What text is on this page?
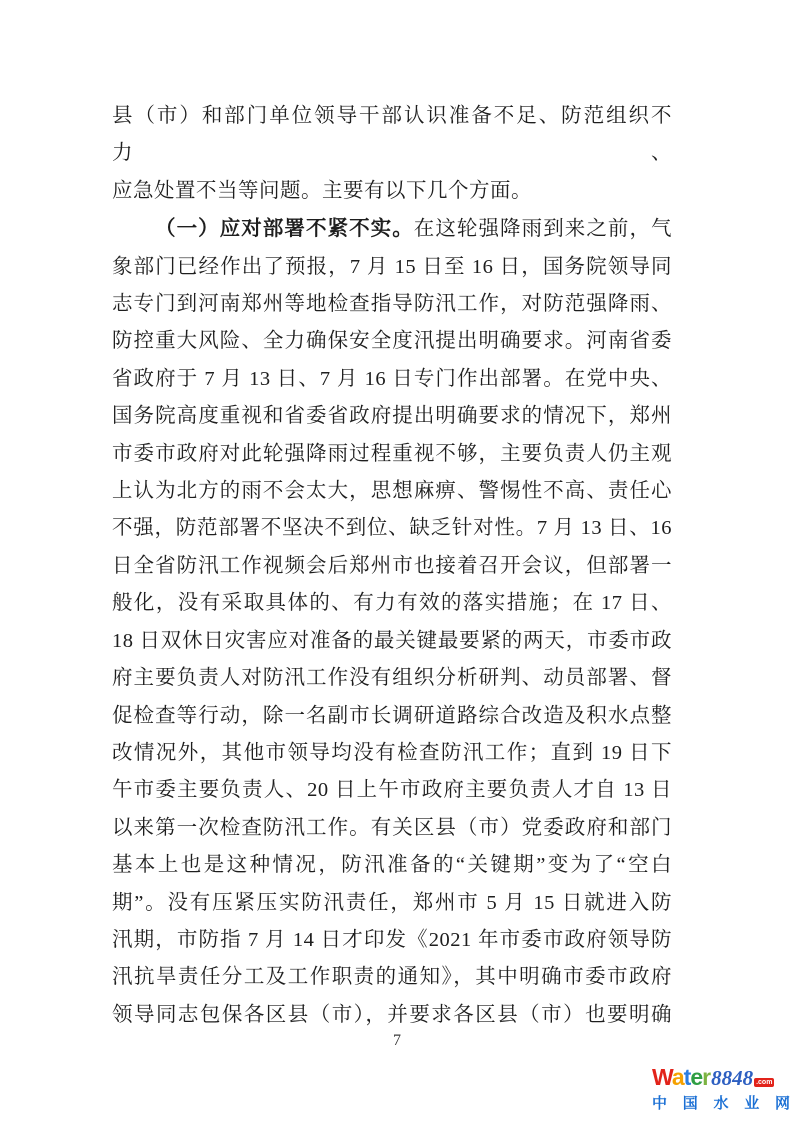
县（市）和部门单位领导干部认识准备不足、防范组织不力、
应急处置不当等问题。主要有以下几个方面。
（一）应对部署不紧不实。在这轮强降雨到来之前，气
象部门已经作出了预报，7 月 15 日至 16 日，国务院领导同
志专门到河南郑州等地检查指导防汛工作，对防范强降雨、
防控重大风险、全力确保安全度汛提出明确要求。河南省委
省政府于 7 月 13 日、7 月 16 日专门作出部署。在党中央、
国务院高度重视和省委省政府提出明确要求的情况下，郑州
市委市政府对此轮强降雨过程重视不够，主要负责人仍主观
上认为北方的雨不会太大，思想麻痹、警惕性不高、责任心
不强，防范部署不坚决不到位、缺乏针对性。7 月 13 日、16
日全省防汛工作视频会后郑州市也接着召开会议，但部署一
般化，没有采取具体的、有力有效的落实措施；在 17 日、
18 日双休日灾害应对准备的最关键最要紧的两天，市委市政
府主要负责人对防汛工作没有组织分析研判、动员部署、督
促检查等行动，除一名副市长调研道路综合改造及积水点整
改情况外，其他市领导均没有检查防汛工作；直到 19 日下
午市委主要负责人、20 日上午市政府主要负责人才自 13 日
以来第一次检查防汛工作。有关区县（市）党委政府和部门
基本上也是这种情况，防汛准备的“关键期”变为了“空白
期”。没有压紧压实防汛责任，郑州市 5 月 15 日就进入防
汛期，市防指 7 月 14 日才印发《2021 年市委市政府领导防
汛抗旱责任分工及工作职责的通知》，其中明确市委市政府
领导同志包保各区县（市），并要求各区县（市）也要明确
7
Water 8848 .com
中 国 水 业 网
